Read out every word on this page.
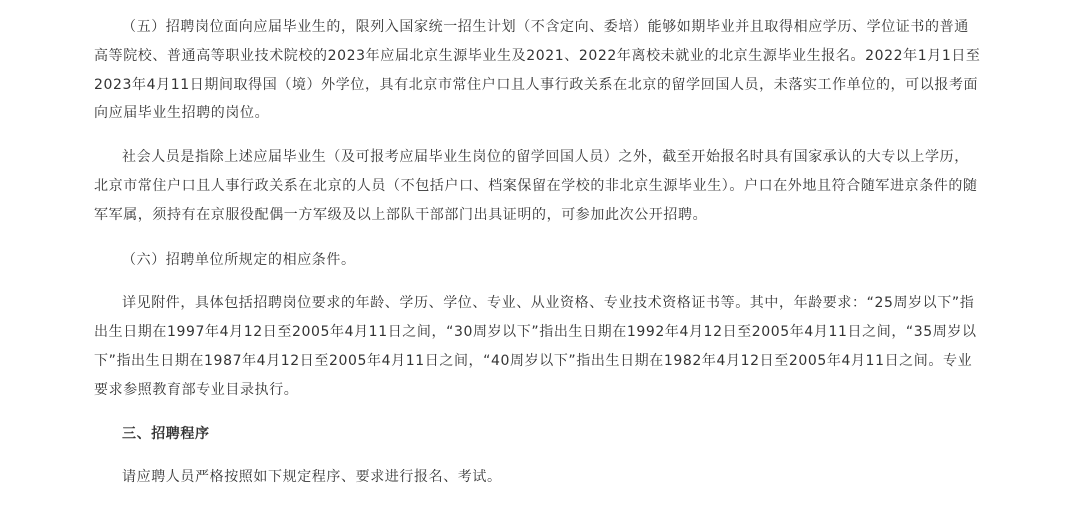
（五）招聘岗位面向应届毕业生的，限列入国家统一招生计划（不含定向、委培）能够如期毕业并且取得相应学历、学位证书的普通高等院校、普通高等职业技术院校的2023年应届北京生源毕业生及2021、2022年离校未就业的北京生源毕业生报名。2022年1月1日至2023年4月11日期间取得国（境）外学位，具有北京市常住户口且人事行政关系在北京的留学回国人员，未落实工作单位的，可以报考面向应届毕业生招聘的岗位。

社会人员是指除上述应届毕业生（及可报考应届毕业生岗位的留学回国人员）之外，截至开始报名时具有国家承认的大专以上学历，北京市常住户口且人事行政关系在北京的人员（不包括户口、档案保留在学校的非北京生源毕业生）。户口在外地且符合随军进京条件的随军军属，须持有在京服役配偶一方军级及以上部队干部部门出具证明的，可参加此次公开招聘。

（六）招聘单位所规定的相应条件。

详见附件，具体包括招聘岗位要求的年龄、学历、学位、专业、从业资格、专业技术资格证书等。其中，年龄要求：“25周岁以下”指出生日期在1997年4月12日至2005年4月11日之间，“30周岁以下”指出生日期在1992年4月12日至2005年4月11日之间，“35周岁以下”指出生日期在1987年4月12日至2005年4月11日之间，“40周岁以下”指出生日期在1982年4月12日至2005年4月11日之间。专业要求参照教育部专业目录执行。

三、招聘程序

请应聘人员严格按照如下规定程序、要求进行报名、考试。
